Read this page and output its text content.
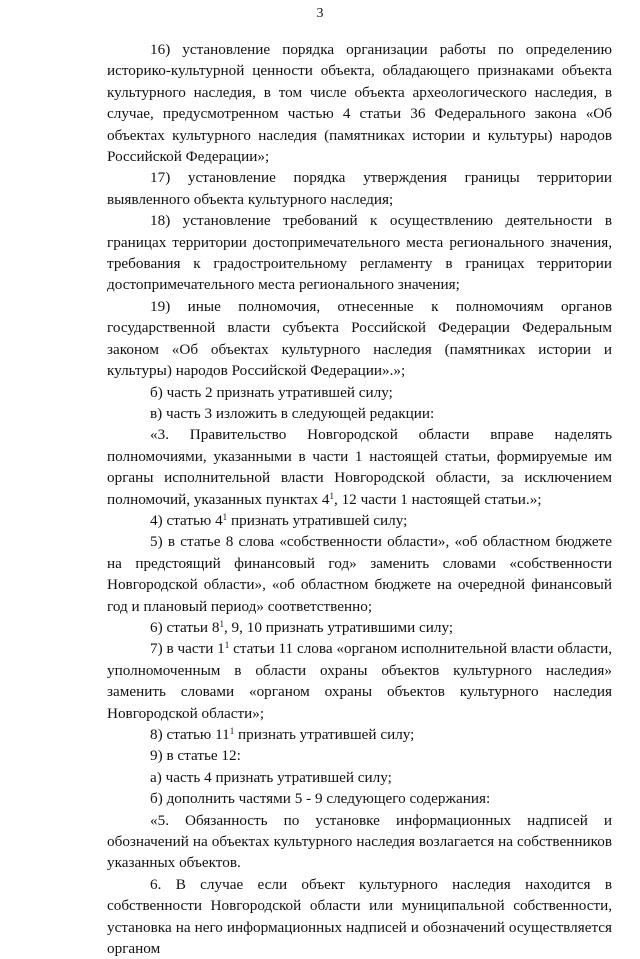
3

16) установление порядка организации работы по определению историко-культурной ценности объекта, обладающего признаками объекта культурного наследия, в том числе объекта археологического наследия, в случае, предусмотренном частью 4 статьи 36 Федерального закона «Об объектах культурного наследия (памятниках истории и культуры) народов Российской Федерации»;

17) установление порядка утверждения границы территории выявленного объекта культурного наследия;

18) установление требований к осуществлению деятельности в границах территории достопримечательного места регионального значения, требования к градостроительному регламенту в границах территории достопримечательного места регионального значения;

19) иные полномочия, отнесенные к полномочиям органов государственной власти субъекта Российской Федерации Федеральным законом «Об объектах культурного наследия (памятниках истории и культуры) народов Российской Федерации».»;

б) часть 2 признать утратившей силу;

в) часть 3 изложить в следующей редакции:

«3. Правительство Новгородской области вправе наделять полномочиями, указанными в части 1 настоящей статьи, формируемые им органы исполнительной власти Новгородской области, за исключением полномочий, указанных пунктах $4^1$, 12 части 1 настоящей статьи.»;

4) статью $4^1$ признать утратившей силу;

5) в статье 8 слова «собственности области», «об областном бюджете на предстоящий финансовый год» заменить словами «собственности Новгородской области», «об областном бюджете на очередной финансовый год и плановый период» соответственно;

6) статьи $8^1$, 9, 10 признать утратившими силу;

7) в части $1^1$ статьи 11 слова «органом исполнительной власти области, уполномоченным в области охраны объектов культурного наследия» заменить словами «органом охраны объектов культурного наследия Новгородской области»;

8) статью $11^1$ признать утратившей силу;

9) в статье 12:

а) часть 4 признать утратившей силу;

б) дополнить частями 5 - 9 следующего содержания:

«5. Обязанность по установке информационных надписей и обозначений на объектах культурного наследия возлагается на собственников указанных объектов.

6. В случае если объект культурного наследия находится в собственности Новгородской области или муниципальной собственности, установка на него информационных надписей и обозначений осуществляется органом
